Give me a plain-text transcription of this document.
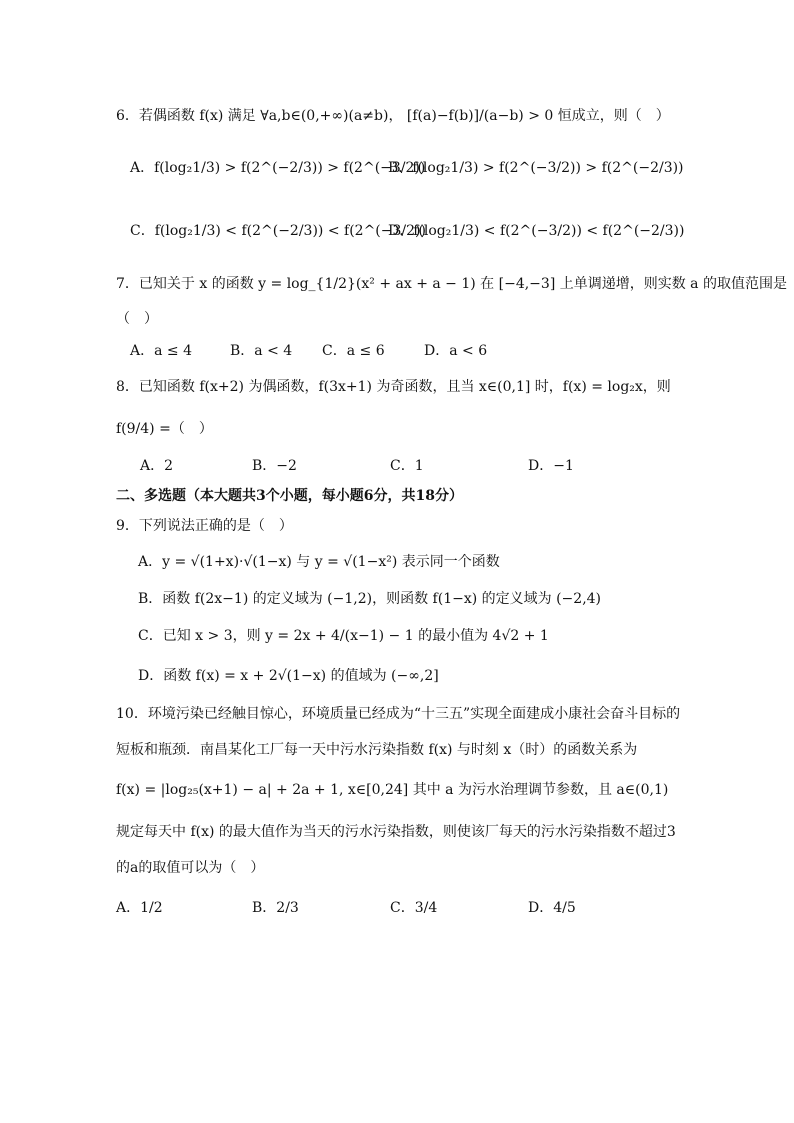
6．若偶函数 f(x) 满足 ∀a,b∈(0,+∞)(a≠b)， [f(a)−f(b)]/(a−b) > 0 恒成立，则（　）
A．f(log₂1/3) > f(2^(−2/3)) > f(2^(−3/2))
B．f(log₂1/3) > f(2^(−3/2)) > f(2^(−2/3))
C．f(log₂1/3) < f(2^(−2/3)) < f(2^(−3/2))
D．f(log₂1/3) < f(2^(−3/2)) < f(2^(−2/3))
7．已知关于 x 的函数 y = log_{1/2}(x² + ax + a − 1) 在 [−4,−3] 上单调递增，则实数 a 的取值范围是
（　）
A．a ≤ 4	B．a < 4 C．a ≤ 6	D．a < 6
8．已知函数 f(x+2) 为偶函数，f(3x+1) 为奇函数，且当 x∈(0,1] 时，f(x) = log₂x，则
f(9/4) =（　）
A．2	B．−2	C．1	D．−1
二、多选题（本大题共3个小题，每小题6分，共18分）
9．下列说法正确的是（　）
A．y = √(1+x)·√(1−x) 与 y = √(1−x²) 表示同一个函数
B．函数 f(2x−1) 的定义域为 (−1,2)，则函数 f(1−x) 的定义域为 (−2,4)
C．已知 x > 3，则 y = 2x + 4/(x−1) − 1 的最小值为 4√2 + 1
D．函数 f(x) = x + 2√(1−x) 的值域为 (−∞,2]
10．环境污染已经触目惊心，环境质量已经成为“十三五”实现全面建成小康社会奋斗目标的
短板和瓶颈．南昌某化工厂每一天中污水污染指数 f(x) 与时刻 x（时）的函数关系为
f(x) = |log₂₅(x+1) − a| + 2a + 1, x∈[0,24] 其中 a 为污水治理调节参数，且 a∈(0,1)
规定每天中 f(x) 的最大值作为当天的污水污染指数，则使该厂每天的污水污染指数不超过3
的a的取值可以为（　）
A．1/2	B．2/3	C．3/4	D．4/5
